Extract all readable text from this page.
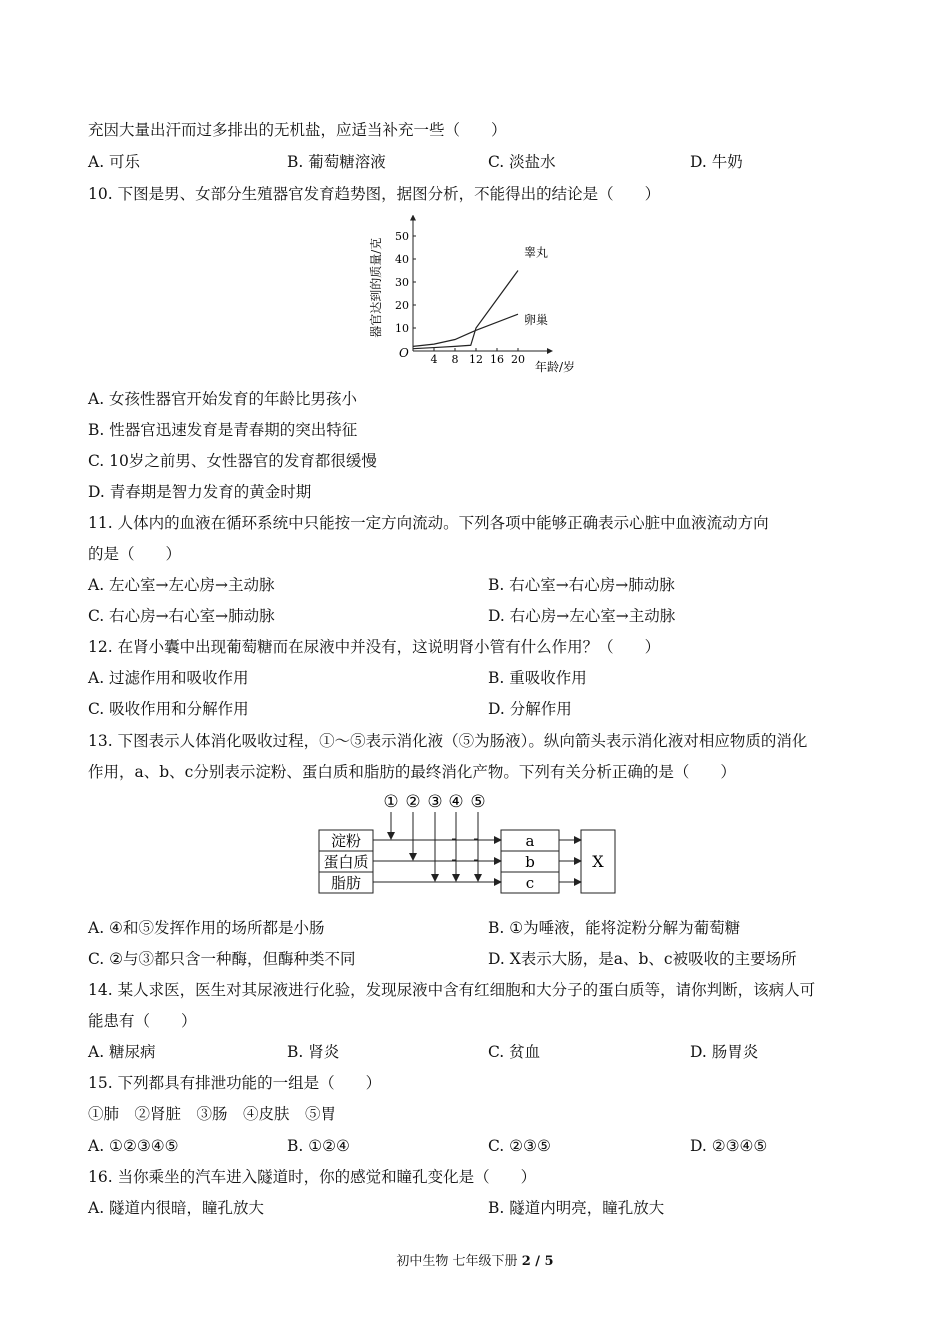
充因大量出汗而过多排出的无机盐，应适当补充一些（　　）
A. 可乐	B. 葡萄糖溶液	C. 淡盐水	D. 牛奶
10. 下图是男、女部分生殖器官发育趋势图，据图分析，不能得出的结论是（　　）
4 8 12 16 20
10
20
30
40
50
O
年龄/岁
器官达到的质量/克	睾丸
卵巢
A. 女孩性器官开始发育的年龄比男孩小
B. 性器官迅速发育是青春期的突出特征
C. 10岁之前男、女性器官的发育都很缓慢
D. 青春期是智力发育的黄金时期
11. 人体内的血液在循环系统中只能按一定方向流动。下列各项中能够正确表示心脏中血液流动方向
的是（　　）
A. 左心室→左心房→主动脉	B. 右心室→右心房→肺动脉
C. 右心房→右心室→肺动脉	D. 右心房→左心室→主动脉
12. 在肾小囊中出现葡萄糖而在尿液中并没有，这说明肾小管有什么作用？（　　）
A. 过滤作用和吸收作用	B. 重吸收作用
C. 吸收作用和分解作用	D. 分解作用
13. 下图表示人体消化吸收过程，①～⑤表示消化液（⑤为肠液）。纵向箭头表示消化液对相应物质的消化
作用，a、b、c分别表示淀粉、蛋白质和脂肪的最终消化产物。下列有关分析正确的是（　　）
① ② ③ ④ ⑤
淀粉
蛋白质
脂肪
a
b
c
X
A. ④和⑤发挥作用的场所都是小肠	B. ①为唾液，能将淀粉分解为葡萄糖
C. ②与③都只含一种酶，但酶种类不同	D. X表示大肠，是a、b、c被吸收的主要场所
14. 某人求医，医生对其尿液进行化验，发现尿液中含有红细胞和大分子的蛋白质等，请你判断，该病人可
能患有（　　）
A. 糖尿病	B. 肾炎	C. 贫血	D. 肠胃炎
15. 下列都具有排泄功能的一组是（　　）
①肺　②肾脏　③肠　④皮肤　⑤胃
A. ①②③④⑤	B. ①②④	C. ②③⑤	D. ②③④⑤
16. 当你乘坐的汽车进入隧道时，你的感觉和瞳孔变化是（　　）
A. 隧道内很暗，瞳孔放大	B. 隧道内明亮，瞳孔放大
初中生物 七年级下册 2 / 5
